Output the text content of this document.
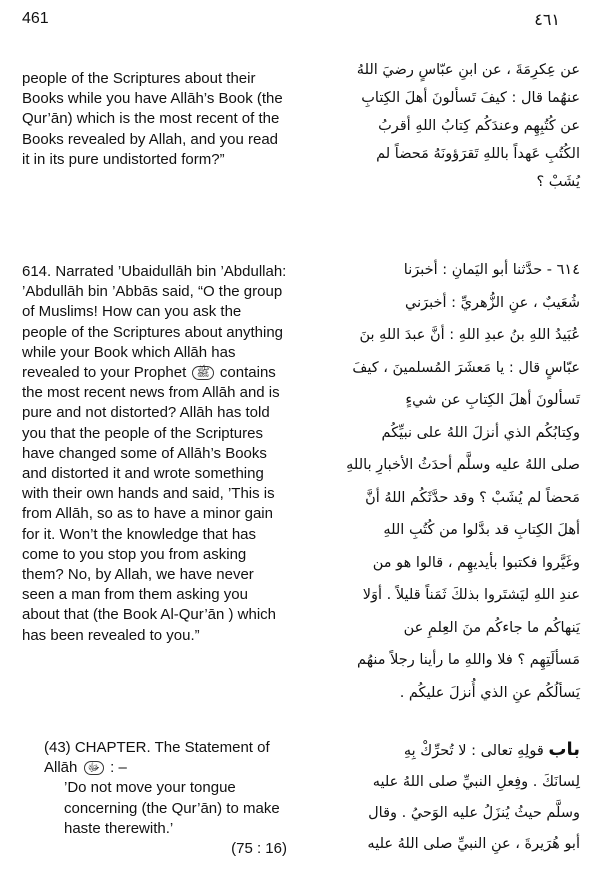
461	٤٦١

people of the Scriptures about their Books while you have Allāh’s Book (the Qur’ān) which is the most recent of the Books revealed by Allah, and you read it in its pure undistorted form?”

عن عِكرِمَةَ ، عن ابنِ عبّاسٍ رضيَ اللهُ

عنهُما قال : كيفَ تَسألونَ أهلَ الكِتابِ

عن كُتُبِهِم وعندَكُم كِتابُ اللهِ أقربُ

الكُتُبِ عَهداً باللهِ تَقرَؤونَهُ مَحضاً لم

يُشَبْ ؟

614. Narrated ’Ubaidullāh bin ’Abdullah: ’Abdullāh bin ’Abbās said, “O the group of Muslims! How can you ask the people of the Scriptures about anything while your Book which Allāh has revealed to your Prophet ﷺ contains the most recent news from Allāh and is pure and not distorted? Allāh has told you that the people of the Scriptures have changed some of Allāh’s Books and distorted it and wrote something with their own hands and said, ’This is from Allāh, so as to have a minor gain for it. Won’t the knowledge that has come to you stop you from asking them? No, by Allah, we have never seen a man from them asking you about that (the Book Al-Qur’ān ) which has been revealed to you.”

٦١٤ - حدَّثنا أبو اليَمانِ : أخبرَنا

شُعَيبٌ ، عنِ الزُّهريِّ : أخبرَني

عُبَيدُ اللهِ بنُ عبدِ اللهِ : أنَّ عبدَ اللهِ بنَ

عبّاسٍ قال : يا مَعشَرَ المُسلمينَ ، كيفَ

تَسألونَ أهلَ الكِتابِ عن شيءٍ

وكِتابُكُم الذي أنزلَ اللهُ على نبيِّكُم

صلى اللهُ عليه وسلَّم أحدَثُ الأخبارِ باللهِ

مَحضاً لم يُشَبْ ؟ وقد حدَّثَكُم اللهُ أنَّ

أهلَ الكِتابِ قد بدَّلوا من كُتُبِ اللهِ

وغَيَّروا فكتبوا بأيديهِم ، قالوا هو من

عندِ اللهِ ليَشتَروا بذلكَ ثَمَناً قليلاً . أوَلا

يَنهاكُم ما جاءكُم منَ العِلمِ عن

مَسألَتِهِم ؟ فلا واللهِ ما رأينا رجلاً منهُم

يَسألُكُم عنِ الذي أُنزلَ عليكُم .

(43) CHAPTER. The Statement of Allāh ﷻ : –

’Do not move your tongue concerning (the Qur’ān) to make haste therewith.’

(75 : 16)

باب قولِهِ تعالى : لا تُحرِّكْ بِهِ

لِسانَكَ . وفِعلِ النبيِّ صلى اللهُ عليه

وسلَّم حيثُ يُنزَلُ عليه الوَحيُ . وقال

أبو هُرَيرةَ ، عنِ النبيِّ صلى اللهُ عليه
